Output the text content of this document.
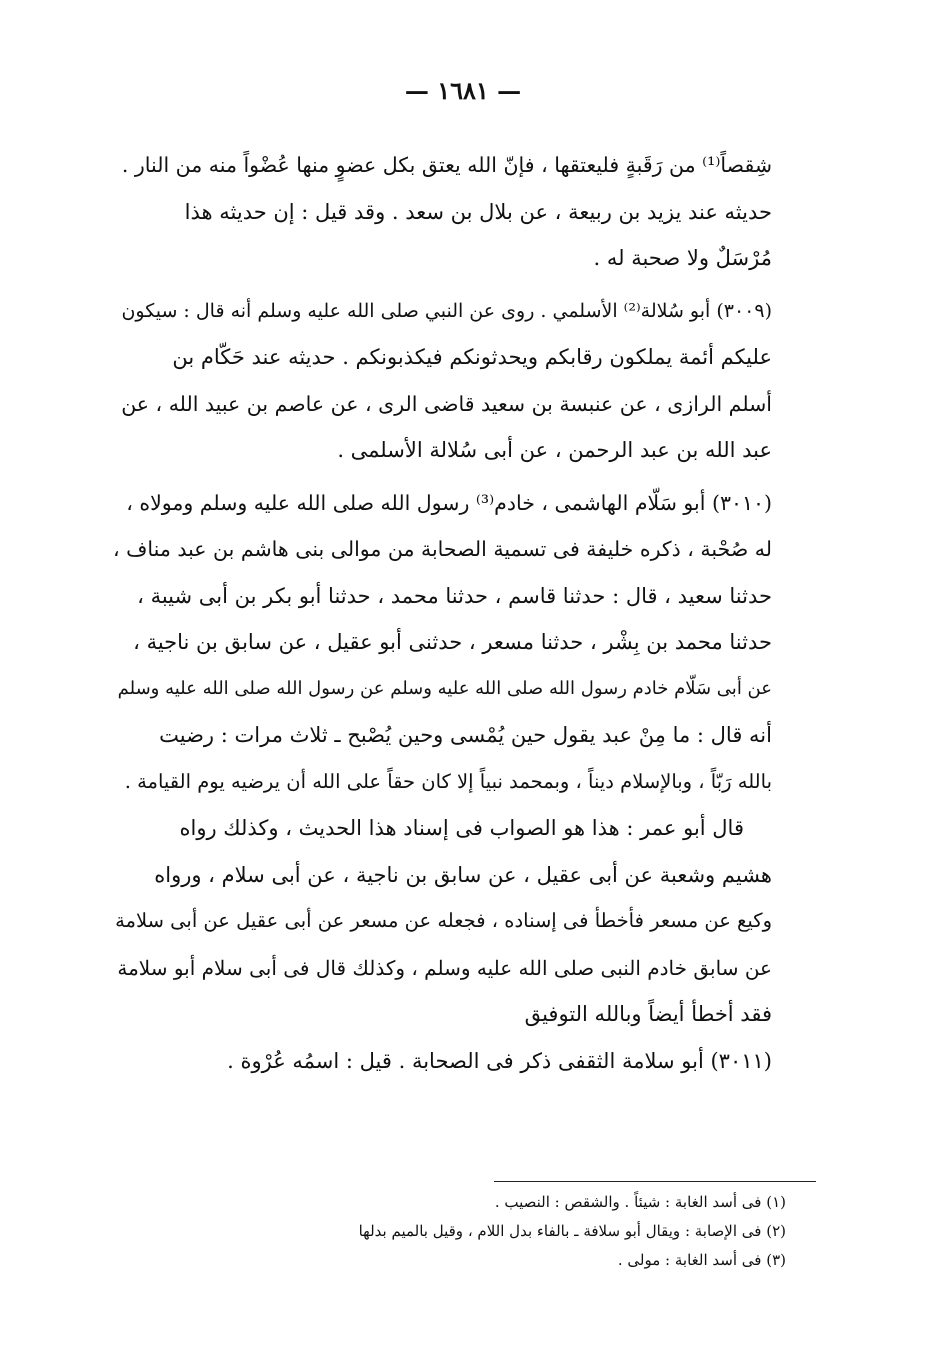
— ١٦٨١ —
شِقصاً⁽¹⁾ من رَقَبةٍ فليعتقها ، فإنّ الله يعتق بكل عضوٍ منها عُضْواً منه من النار .
حديثه عند يزيد بن ربيعة ، عن بلال بن سعد . وقد قيل : إن حديثه هذا
مُرْسَلٌ ولا صحبة له .
(٣٠٠٩) أبو سُلالة⁽²⁾ الأسلمي . روى عن النبي صلى الله عليه وسلم أنه قال : سيكون
عليكم أئمة يملكون رقابكم ويحدثونكم فيكذبونكم . حديثه عند حَكّام بن
أسلم الرازى ، عن عنبسة بن سعيد قاضى الرى ، عن عاصم بن عبيد الله ، عن
عبد الله بن عبد الرحمن ، عن أبى سُلالة الأسلمى .
(٣٠١٠) أبو سَلّام الهاشمى ، خادم⁽³⁾ رسول الله صلى الله عليه وسلم ومولاه ،
له صُحْبة ، ذكره خليفة فى تسمية الصحابة من موالى بنى هاشم بن عبد مناف ،
حدثنا سعيد ، قال : حدثنا قاسم ، حدثنا محمد ، حدثنا أبو بكر بن أبى شيبة ،
حدثنا محمد بن بِشْر ، حدثنا مسعر ، حدثنى أبو عقيل ، عن سابق بن ناجية ،
عن أبى سَلّام خادم رسول الله صلى الله عليه وسلم عن رسول الله صلى الله عليه وسلم
أنه قال : ما مِنْ عبد يقول حين يُمْسى وحين يُصْبح ـ ثلاث مرات : رضيت
بالله رَبّاً ، وبالإسلام ديناً ، وبمحمد نبياً إلا كان حقاً على الله أن يرضيه يوم القيامة .
قال أبو عمر : هذا هو الصواب فى إسناد هذا الحديث ، وكذلك رواه
هشيم وشعبة عن أبى عقيل ، عن سابق بن ناجية ، عن أبى سلام ، ورواه
وكيع عن مسعر فأخطأ فى إسناده ، فجعله عن مسعر عن أبى عقيل عن أبى سلامة
عن سابق خادم النبى صلى الله عليه وسلم ، وكذلك قال فى أبى سلام أبو سلامة
فقد أخطأ أيضاً وبالله التوفيق
(٣٠١١) أبو سلامة الثقفى ذكر فى الصحابة . قيل : اسمُه عُرْوة .
(١) فى أسد الغابة : شيئاً . والشقص : النصيب .
(٢) فى الإصابة : ويقال أبو سلافة ـ بالفاء بدل اللام ، وقيل بالميم بدلها
(٣) فى أسد الغابة : مولى .
